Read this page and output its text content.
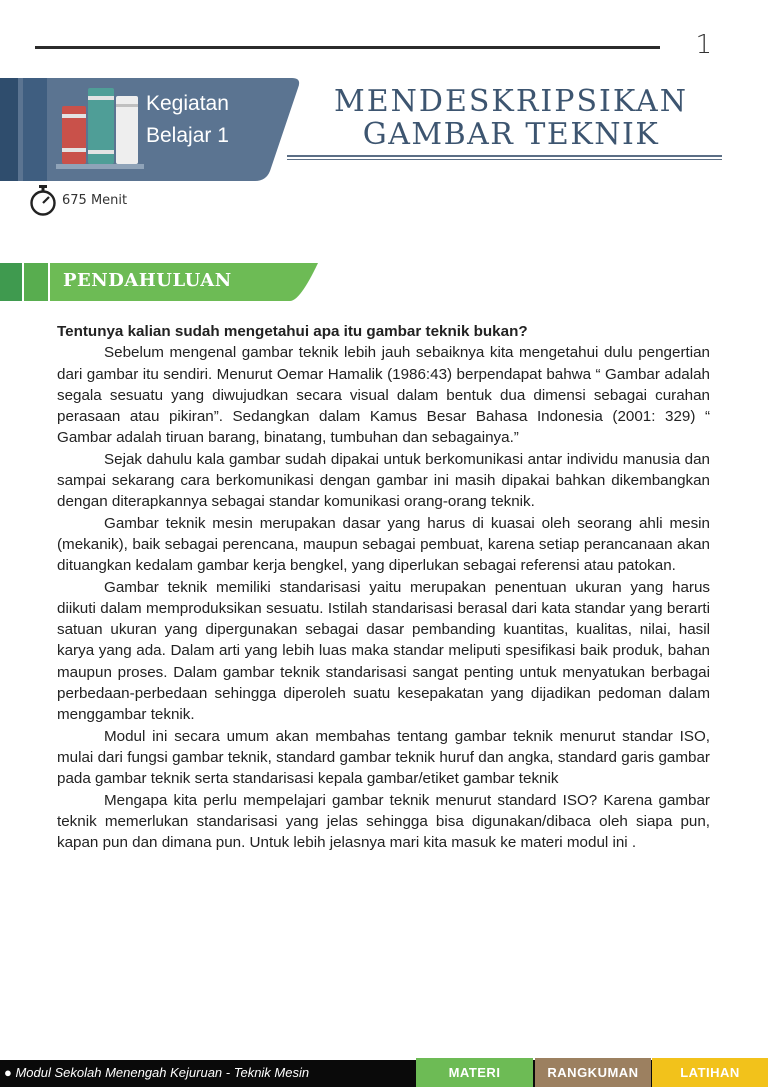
1
Kegiatan
Belajar 1
MENDESKRIPSIKAN
GAMBAR TEKNIK
675 Menit
PENDAHULUAN

Tentunya kalian sudah mengetahui apa itu gambar teknik bukan?

Sebelum mengenal gambar teknik lebih jauh sebaiknya kita mengetahui dulu pengertian dari gambar itu sendiri. Menurut Oemar Hamalik (1986:43) berpendapat bahwa “ Gambar adalah segala sesuatu yang diwujudkan secara visual dalam bentuk dua dimensi sebagai curahan perasaan atau pikiran”. Sedangkan dalam Kamus Besar Bahasa Indonesia (2001: 329) “ Gambar adalah tiruan barang, binatang, tumbuhan dan sebagainya.”

Sejak dahulu kala gambar sudah dipakai untuk berkomunikasi antar individu manusia dan sampai sekarang cara berkomunikasi dengan gambar ini masih dipakai bahkan dikembangkan dengan diterapkannya sebagai standar komunikasi orang-orang teknik.

Gambar teknik mesin merupakan dasar yang harus di kuasai oleh seorang ahli mesin (mekanik), baik sebagai perencana, maupun sebagai pembuat, karena setiap perancanaan akan dituangkan kedalam gambar kerja bengkel, yang diperlukan sebagai referensi atau patokan.

Gambar teknik memiliki standarisasi yaitu merupakan penentuan ukuran yang harus diikuti dalam memproduksikan sesuatu. Istilah standarisasi berasal dari kata standar yang berarti satuan ukuran yang dipergunakan sebagai dasar pembanding kuantitas, kualitas, nilai, hasil karya yang ada. Dalam arti yang lebih luas maka standar meliputi spesifikasi baik produk, bahan maupun proses. Dalam gambar teknik standarisasi sangat penting untuk menyatukan berbagai perbedaan-perbedaan sehingga diperoleh suatu kesepakatan yang dijadikan pedoman dalam menggambar teknik.

Modul ini secara umum akan membahas tentang gambar teknik menurut standar ISO, mulai dari fungsi gambar teknik, standard gambar teknik huruf dan angka, standard garis gambar pada gambar teknik serta standarisasi kepala gambar/etiket gambar teknik

Mengapa kita perlu mempelajari gambar teknik menurut standard ISO? Karena gambar teknik memerlukan standarisasi yang jelas sehingga bisa digunakan/dibaca oleh siapa pun, kapan pun dan dimana pun. Untuk lebih jelasnya mari kita masuk ke materi modul ini .

● Modul Sekolah Menengah Kejuruan - Teknik Mesin	MATERI	RANGKUMAN	LATIHAN
